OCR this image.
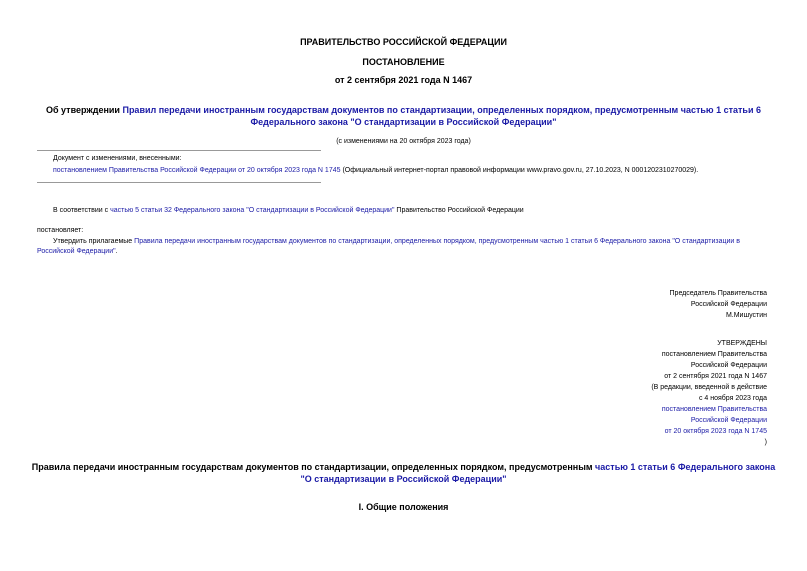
ПРАВИТЕЛЬСТВО РОССИЙСКОЙ ФЕДЕРАЦИИ
ПОСТАНОВЛЕНИЕ
от 2 сентября 2021 года N 1467
Об утверждении Правил передачи иностранным государствам документов по стандартизации, определенных порядком, предусмотренным частью 1 статьи 6
Федерального закона "О стандартизации в Российской Федерации"
(с изменениями на 20 октября 2023 года)
Документ с изменениями, внесенными:
постановлением Правительства Российской Федерации от 20 октября 2023 года N 1745 (Официальный интернет-портал правовой информации www.pravo.gov.ru, 27.10.2023, N 0001202310270029).
В соответствии с частью 5 статьи 32 Федерального закона "О стандартизации в Российской Федерации" Правительство Российской Федерации
постановляет:
Утвердить прилагаемые Правила передачи иностранным государствам документов по стандартизации, определенных порядком, предусмотренным частью 1 статьи 6 Федерального закона "О стандартизации в
Российской Федерации".
Председатель Правительства
Российской Федерации
М.Мишустин
УТВЕРЖДЕНЫ
постановлением Правительства
Российской Федерации
от 2 сентября 2021 года N 1467
(В редакции, введенной в действие
с 4 ноября 2023 года
постановлением Правительства
Российской Федерации
от 20 октября 2023 года N 1745
)
Правила передачи иностранным государствам документов по стандартизации, определенных порядком, предусмотренным частью 1 статьи 6 Федерального закона
"О стандартизации в Российской Федерации"
I. Общие положения
